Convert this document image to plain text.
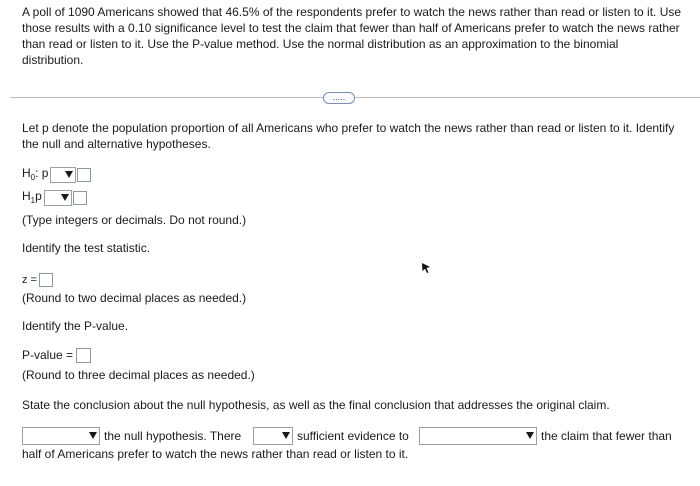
A poll of 1090 Americans showed that 46.5% of the respondents prefer to watch the news rather than read or listen to it. Use those results with a 0.10 significance level to test the claim that fewer than half of Americans prefer to watch the news rather than read or listen to it. Use the P-value method. Use the normal distribution as an approximation to the binomial distribution.
.....
Let p denote the population proportion of all Americans who prefer to watch the news rather than read or listen to it. Identify the null and alternative hypotheses.
$H_0$: p
$H_1p$
(Type integers or decimals. Do not round.)
Identify the test statistic.
z =
(Round to two decimal places as needed.)
Identify the P-value.
P-value =
(Round to three decimal places as needed.)
State the conclusion about the null hypothesis, as well as the final conclusion that addresses the original claim.
the null hypothesis. There	sufficient evidence to	the claim that fewer than
half of Americans prefer to watch the news rather than read or listen to it.
